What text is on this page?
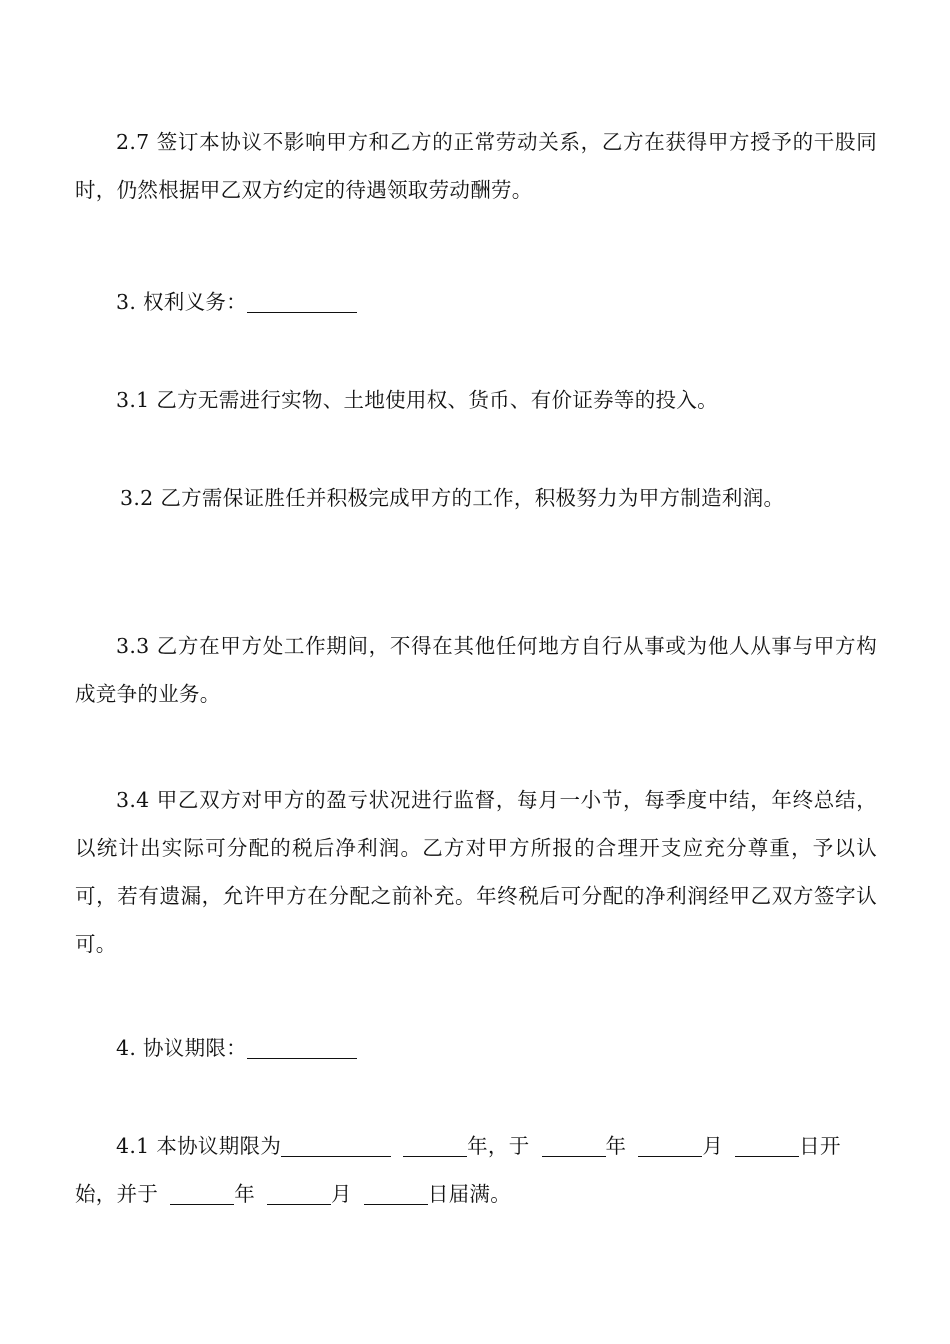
2.7 签订本协议不影响甲方和乙方的正常劳动关系，乙方在获得甲方授予的干股同时，仍然根据甲乙双方约定的待遇领取劳动酬劳。

3. 权利义务：

3.1 乙方无需进行实物、土地使用权、货币、有价证券等的投入。

3.2 乙方需保证胜任并积极完成甲方的工作，积极努力为甲方制造利润。

3.3 乙方在甲方处工作期间，不得在其他任何地方自行从事或为他人从事与甲方构成竞争的业务。

3.4 甲乙双方对甲方的盈亏状况进行监督，每月一小节，每季度中结，年终总结，以统计出实际可分配的税后净利润。乙方对甲方所报的合理开支应充分尊重，予以认可，若有遗漏，允许甲方在分配之前补充。年终税后可分配的净利润经甲乙双方签字认可。

4. 协议期限：

4.1 本协议期限为	年，于	年	月	日开始，并于	年	月	日届满。
